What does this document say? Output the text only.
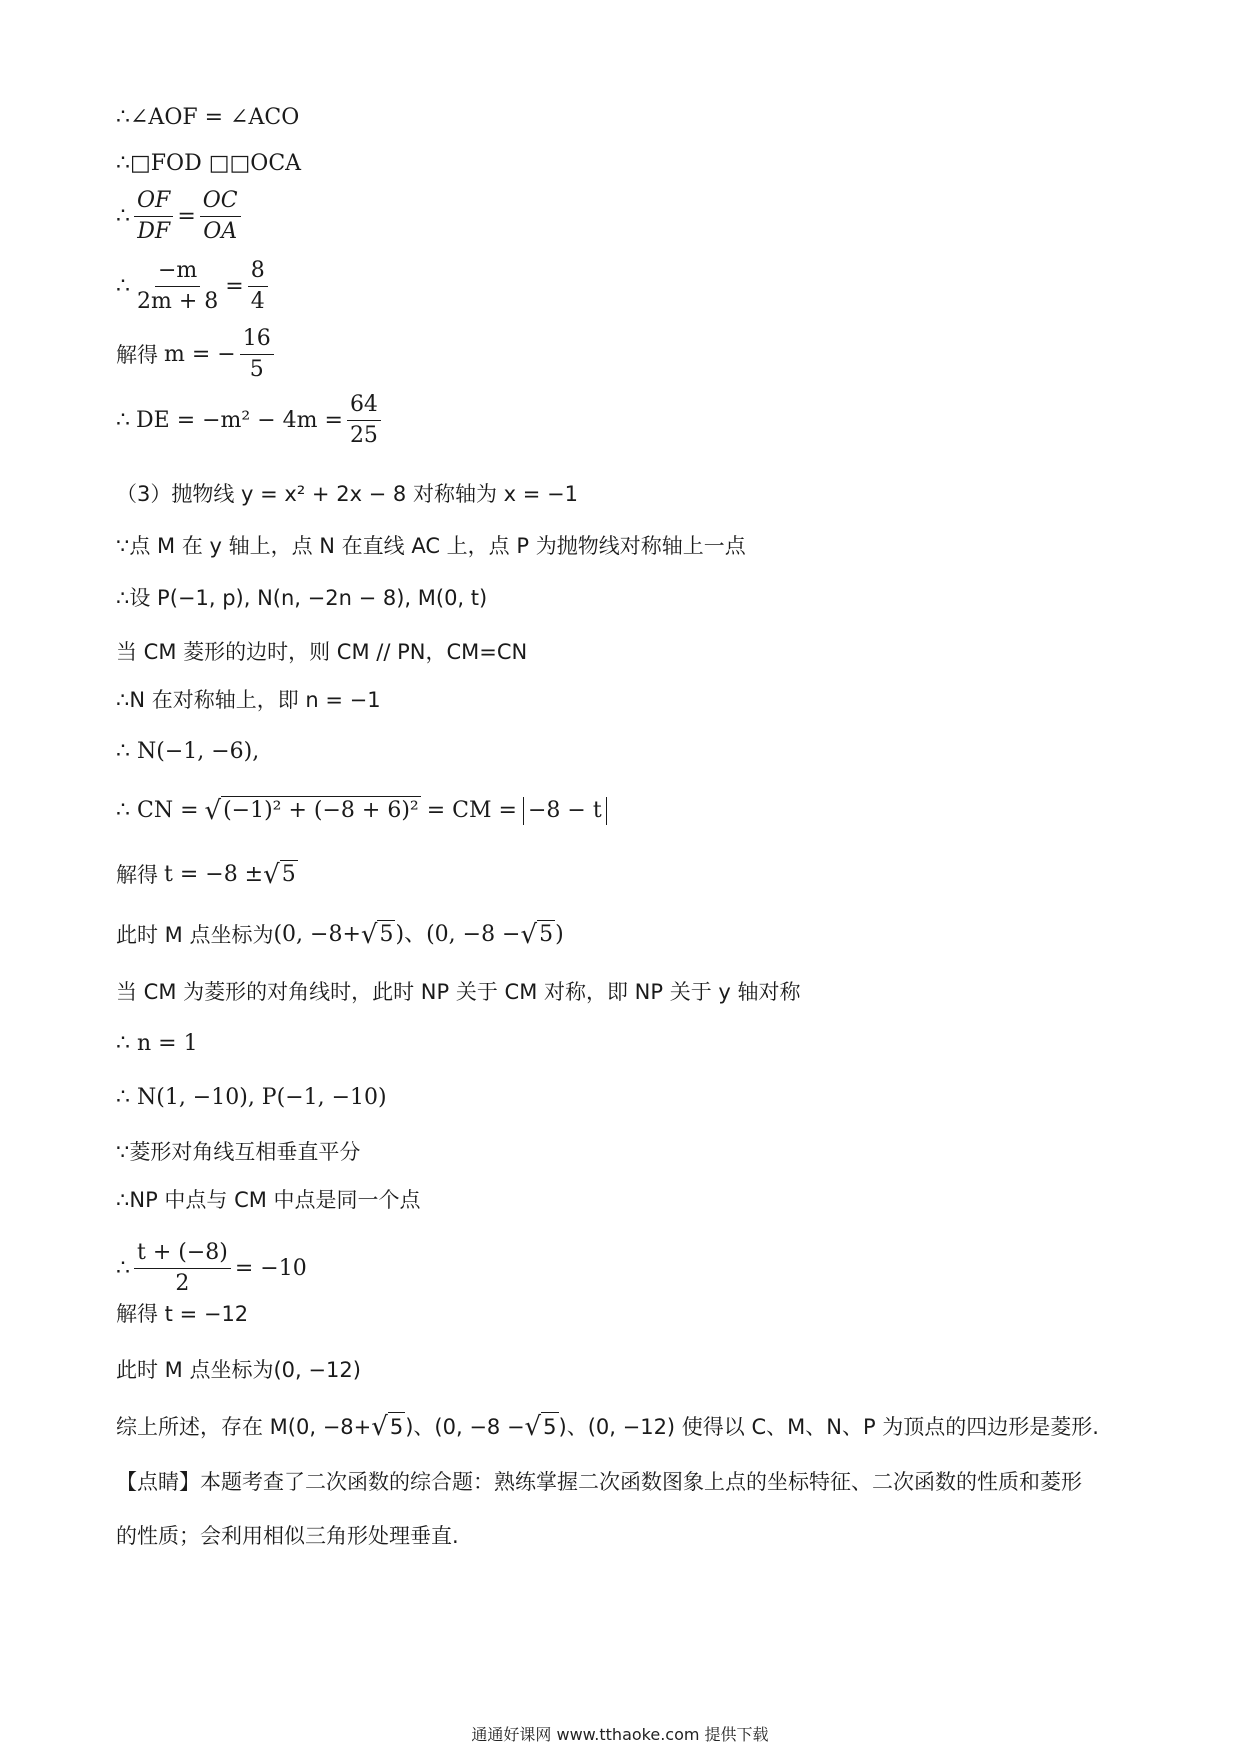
∴∠AOF = ∠ACO
∴□FOD □□OCA
∴ $\frac{OF}{DF} = \frac{OC}{OA}$
∴ $\frac{-m}{2m + 8} = \frac{8}{4}$
解得 m = − $\frac{16}{5}$
∴ DE = $-m^2 - 4m = \frac{64}{25}$
（3）抛物线 y = x² + 2x − 8 对称轴为 x = −1
∵点 M 在 y 轴上，点 N 在直线 AC 上，点 P 为抛物线对称轴上一点
∴设 P(−1, p), N(n, −2n − 8), M(0, t)
当 CM 菱形的边时，则 CM // PN，CM=CN
∴N 在对称轴上，即 n = −1
∴ N(−1, −6),
∴ CN = √ (−1)² + (−8 + 6)² = CM = −8 − t
解得 t = −8 ± √ 5
此时 M 点坐标为 (0, −8+ √ 5 )、(0, −8 − √ 5 )
当 CM 为菱形的对角线时，此时 NP 关于 CM 对称，即 NP 关于 y 轴对称
∴ n = 1
∴ N(1, −10), P(−1, −10)
∵菱形对角线互相垂直平分
∴NP 中点与 CM 中点是同一个点
∴ $\frac{t + (-8)}{2} = -10$
解得 t = −12
此时 M 点坐标为(0, −12)
综上所述，存在 M (0, −8+ √ 5 )、(0, −8 − √ 5 ) 、(0, −12) 使得以 C、M、N、P 为顶点的四边形是菱形.
【点睛】本题考查了二次函数的综合题：熟练掌握二次函数图象上点的坐标特征、二次函数的性质和菱形
的性质；会利用相似三角形处理垂直.
通通好课网 www.tthaoke.com 提供下载
